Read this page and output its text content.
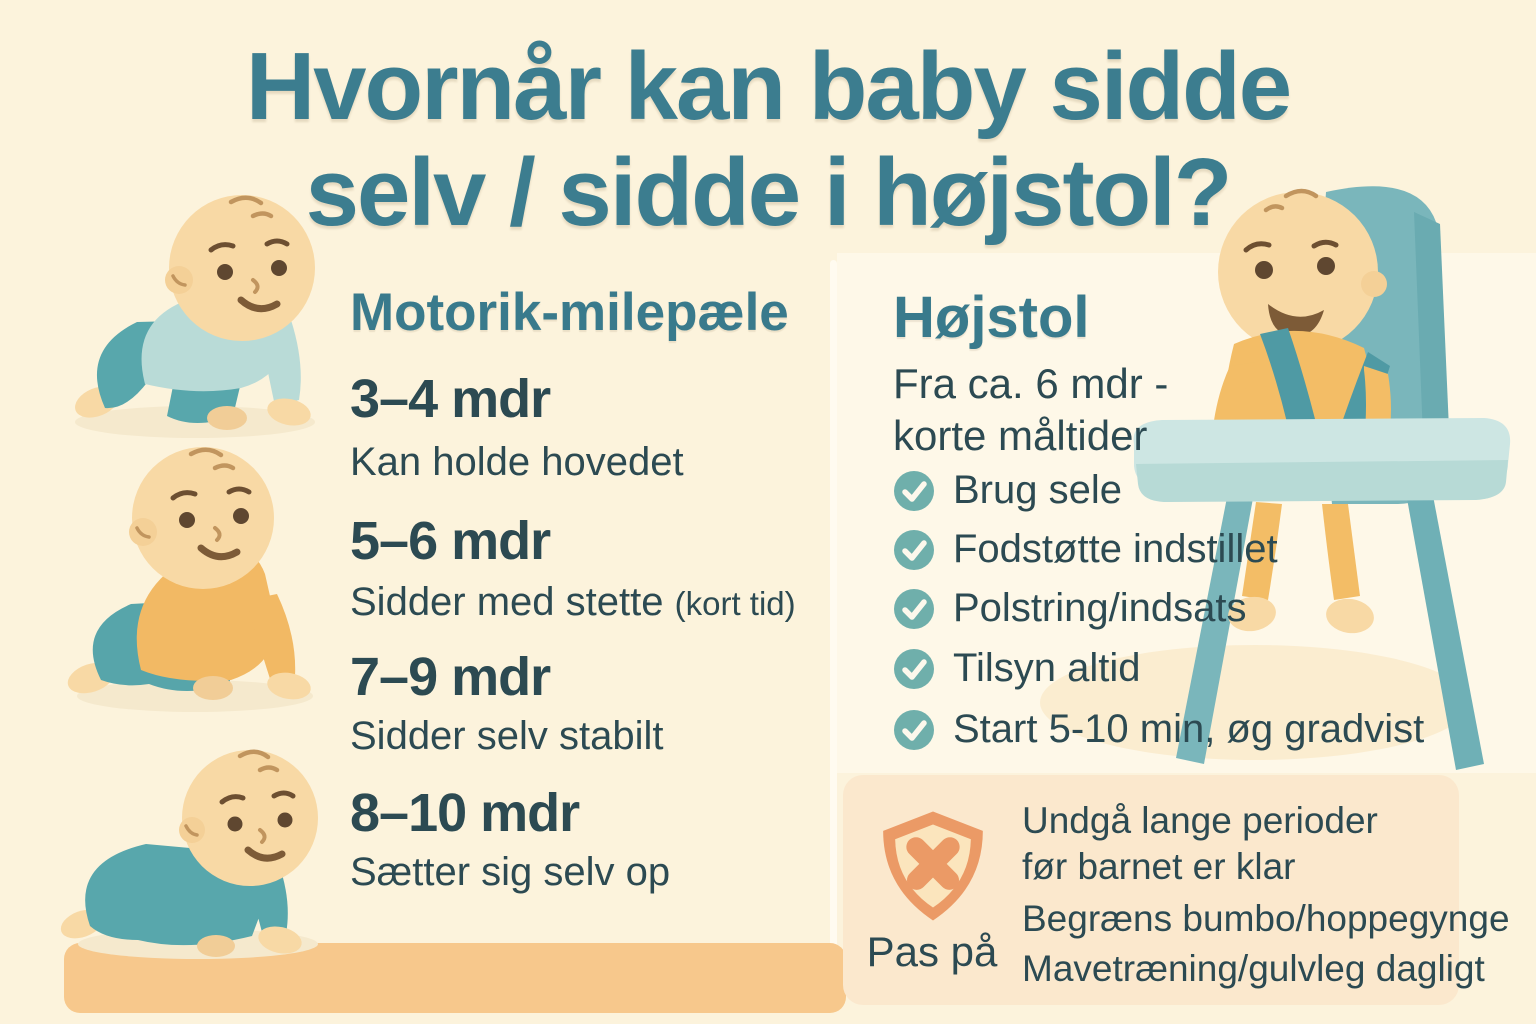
Hvornår kan baby sidde
selv / sidde i højstol?
Motorik-milepæle
3–4 mdr
Kan holde hovedet
5–6 mdr
Sidder med stette (kort tid)
7–9 mdr
Sidder selv stabilt
8–10 mdr
Sætter sig selv op
Højstol
Fra ca. 6 mdr -
korte måltider
Brug sele
Fodstøtte indstillet
Polstring/indsats
Tilsyn altid
Start 5-10 min, øg gradvist
Pas på
Undgå lange perioder
før barnet er klar
Begræns bumbo/hoppegynge
Mavetræning/gulvleg dagligt
